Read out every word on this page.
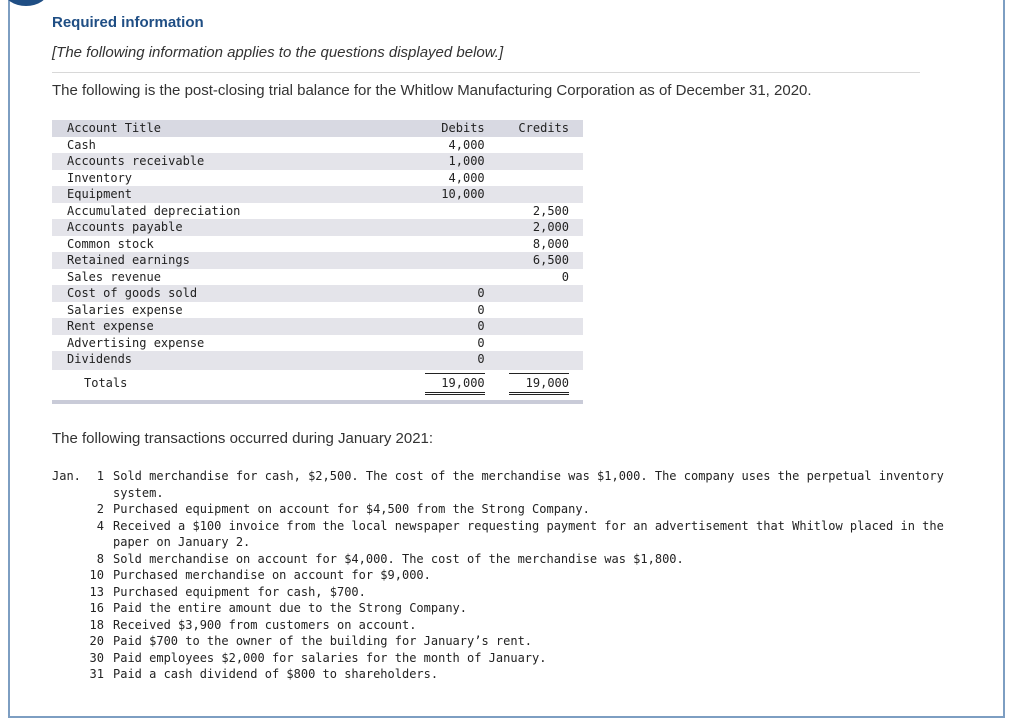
Required information
[The following information applies to the questions displayed below.]
The following is the post-closing trial balance for the Whitlow Manufacturing Corporation as of December 31, 2020.
Account Title	Debits	Credits
Cash	4,000	
Accounts receivable	1,000	
Inventory	4,000	
Equipment	10,000	
Accumulated depreciation		2,500
Accounts payable		2,000
Common stock		8,000
Retained earnings		6,500
Sales revenue		0
Cost of goods sold	0	
Salaries expense	0	
Rent expense	0	
Advertising expense	0	
Dividends	0	
Totals	19,000	19,000
The following transactions occurred during January 2021:
Jan.	1 Sold merchandise for cash, $2,500. The cost of the merchandise was $1,000. The company uses the perpetual inventory system.
2 Purchased equipment on account for $4,500 from the Strong Company.
4 Received a $100 invoice from the local newspaper requesting payment for an advertisement that Whitlow placed in the paper on January 2.
8 Sold merchandise on account for $4,000. The cost of the merchandise was $1,800.
10 Purchased merchandise on account for $9,000.
13 Purchased equipment for cash, $700.
16 Paid the entire amount due to the Strong Company.
18 Received $3,900 from customers on account.
20 Paid $700 to the owner of the building for January’s rent.
30 Paid employees $2,000 for salaries for the month of January.
31 Paid a cash dividend of $800 to shareholders.
